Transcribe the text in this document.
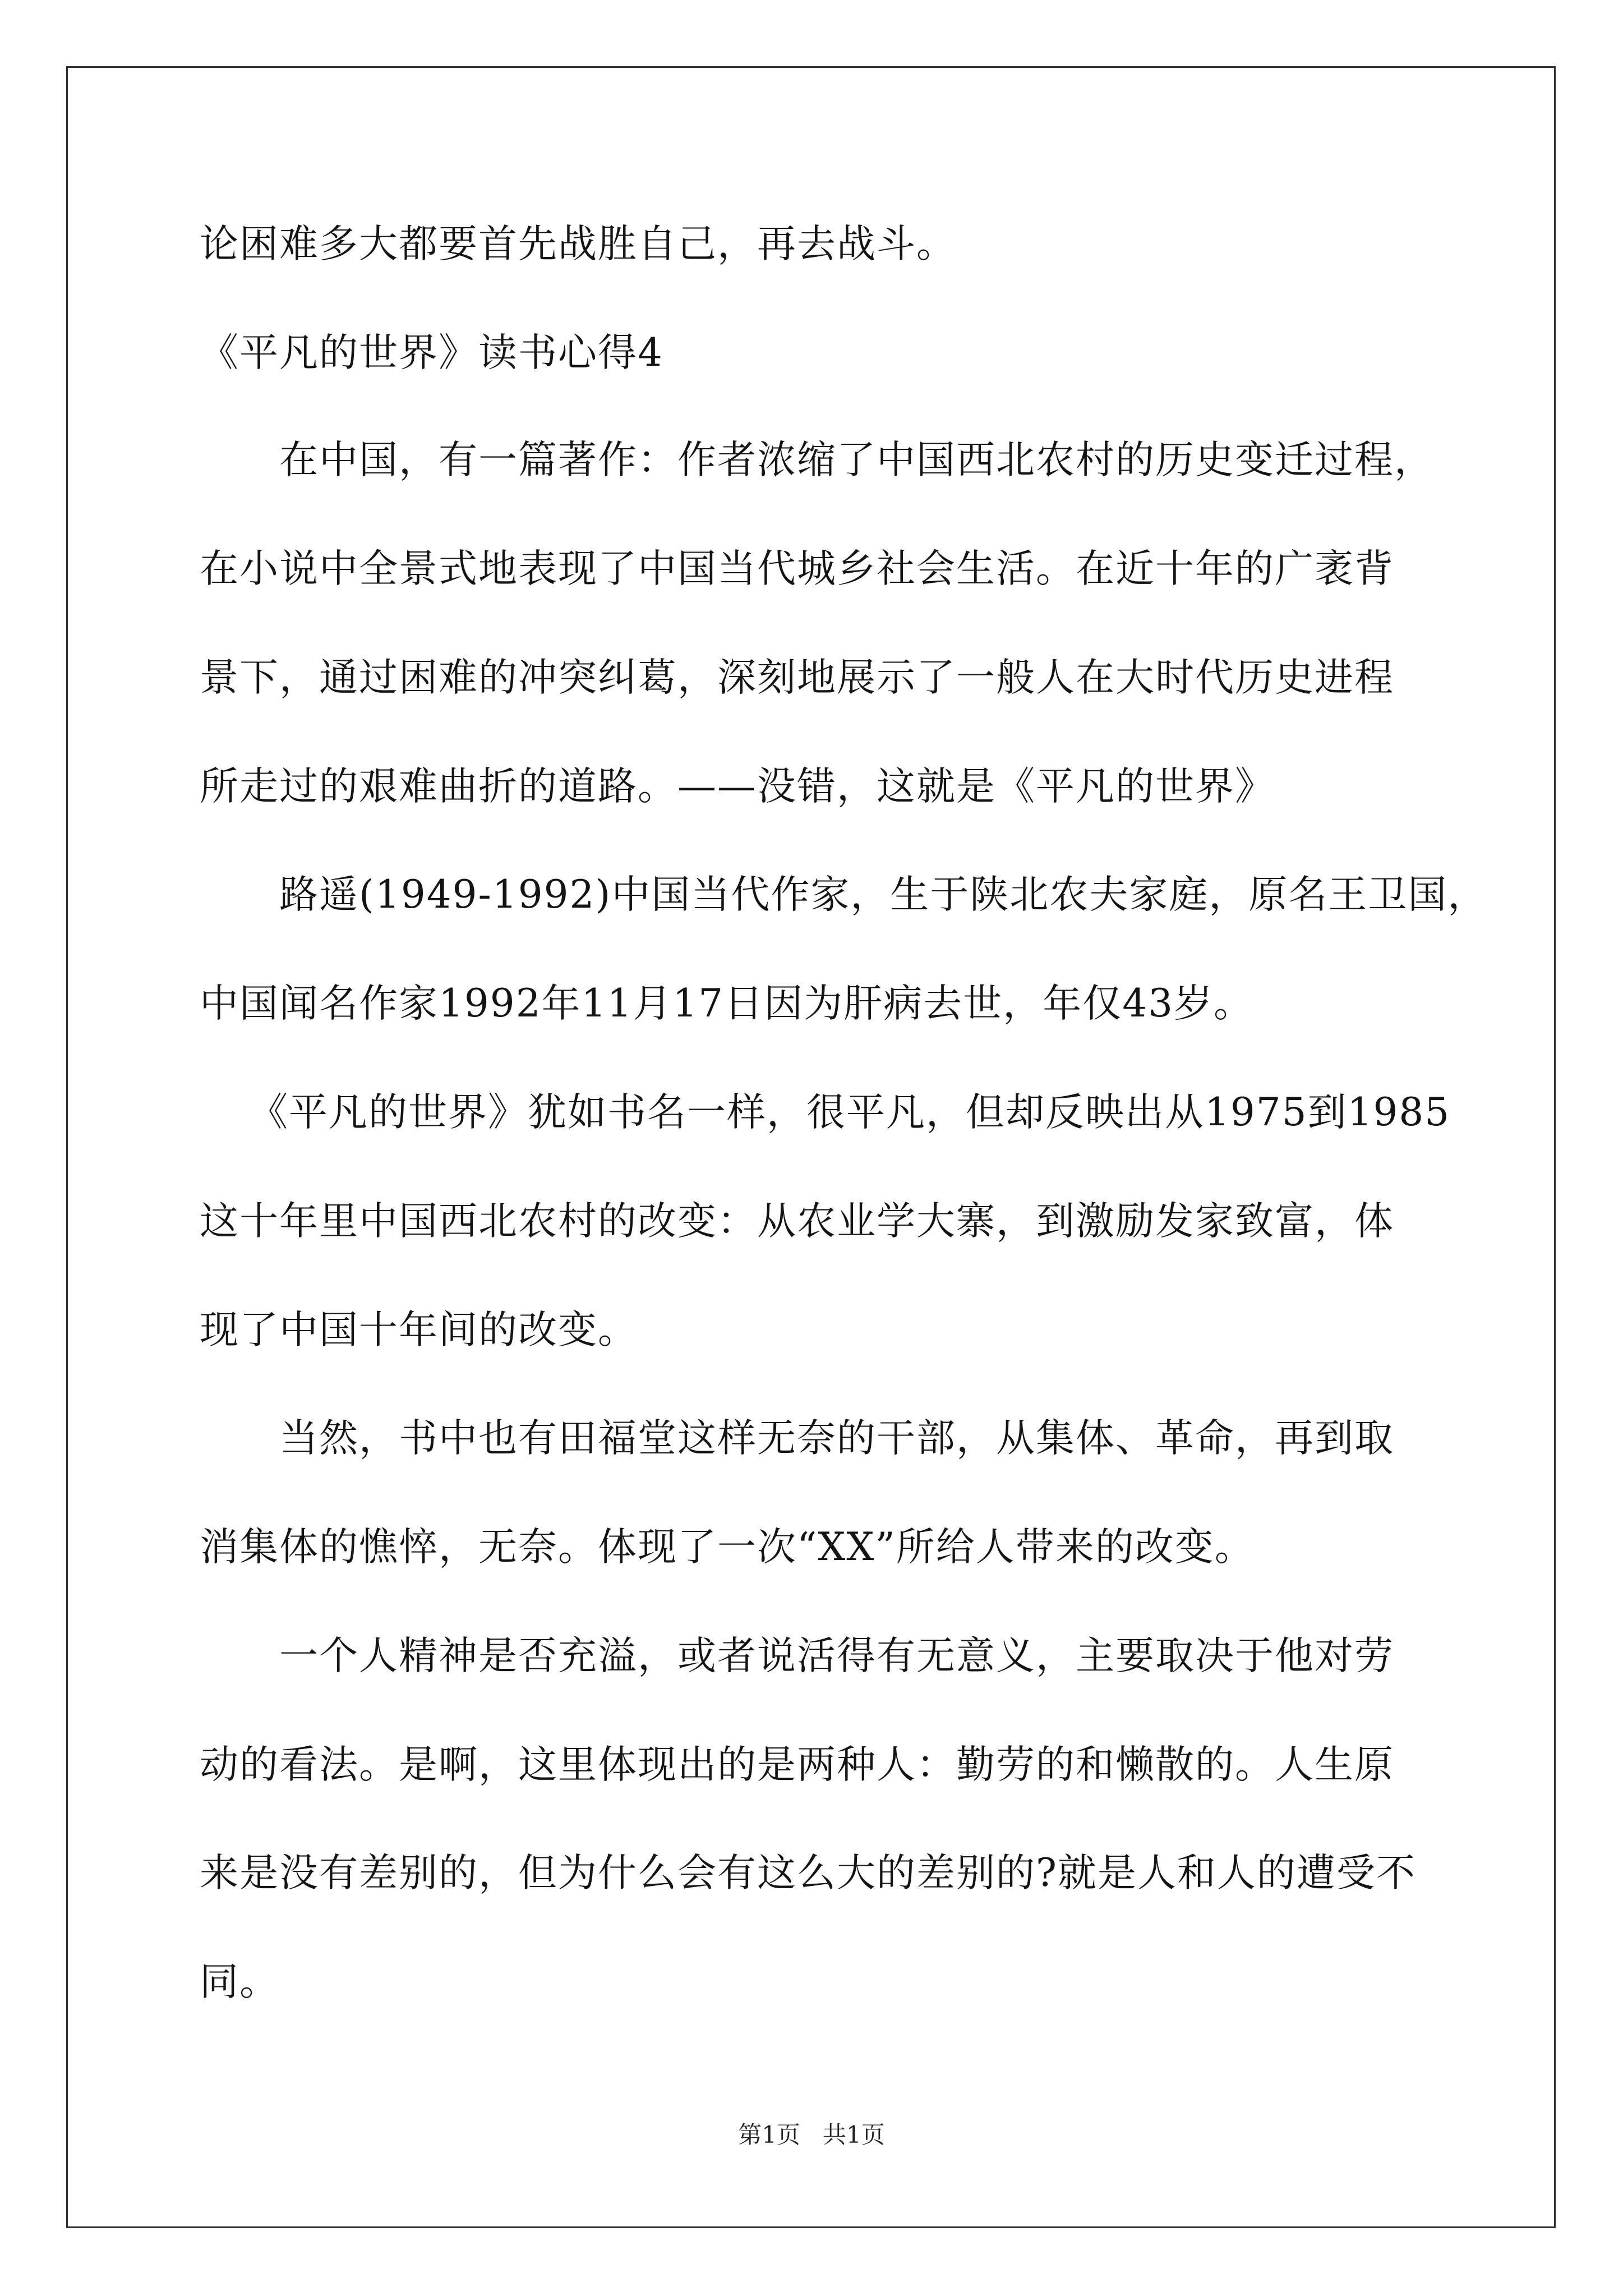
论困难多大都要首先战胜自己，再去战斗。
《平凡的世界》读书心得4
在中国，有一篇著作：作者浓缩了中国西北农村的历史变迁过程，
在小说中全景式地表现了中国当代城乡社会生活。在近十年的广袤背
景下，通过困难的冲突纠葛，深刻地展示了一般人在大时代历史进程
所走过的艰难曲折的道路。——没错，这就是《平凡的世界》
路遥(1949-1992)中国当代作家，生于陕北农夫家庭，原名王卫国，
中国闻名作家1992年11月17日因为肝病去世，年仅43岁。
《平凡的世界》犹如书名一样，很平凡，但却反映出从1975到1985
这十年里中国西北农村的改变：从农业学大寨，到激励发家致富，体
现了中国十年间的改变。
当然，书中也有田福堂这样无奈的干部，从集体、革命，再到取
消集体的憔悴，无奈。体现了一次“XX”所给人带来的改变。
一个人精神是否充溢，或者说活得有无意义，主要取决于他对劳
动的看法。是啊，这里体现出的是两种人：勤劳的和懒散的。人生原
来是没有差别的，但为什么会有这么大的差别的?就是人和人的遭受不
同。
第1页   共1页
